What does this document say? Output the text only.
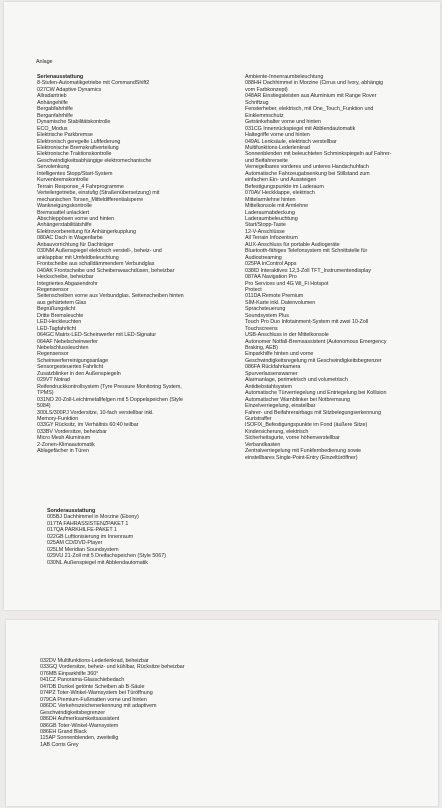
Anlage
Serienausstattung
8-Stufen-Automatikgetriebe mit CommandShift2
027CW Adaptive Dynamics
Allradantrieb
Anhängehilfe
Bergabfahrhilfe
Berganfahrhilfe
Dynamische Stabilitätskontrolle
ECO_Modus
Elektrische Parkbremse
Elektronisch geregelte Luftfederung
Elektronische Bremskraftverteilung
Elektronische Traktionskontrolle
Geschwindigkeitsabhängige elektromechanische
Servolenkung
Intelligentes Stopp/Start-System
Kurvenbremskontrolle
Terrain Response_4 Fahrprogramme
Verteilergetriebe, einstufig (Straßenübersetzung) mit
mechanischen Torsen_Mitteldifferentialsperre
Wankneigungskontrolle
Bremssattel unlackiert
Abschleppösen vorne und hinten
Anhängerstabilitätshilfe
Elektrovorbereitung für Anhängerkupplung
080AC Dach in Wagenfarbe
Anbauvorrichtung für Dachträger
030NM Außenspiegel elektrisch verstell-, beheiz- und
anklappbar mit Umfeldbeleuchtung
Frontscheibe aus schalldämmendem Verbundglas
040AK Frontscheibe und Scheibenwaschdüsen, beheizbar
Heckscheibe, beheizbar
Integriertes Abgasendrohr
Regensensor
Seitenscheiben vorne aus Verbundglas. Seitenscheiben hinten
aus gehärtetem Glas
Begrüßungslicht
Dritte Bremsleuchte
LED-Heckleuchten
LED-Tagfahrlicht
064GC Matrix-LED-Scheinwerfer mit LED-Signatur
064AF Nebelscheinwerfer
Nebelschlussleuchten
Regensensor
Scheinwerferreinigungsanlage
Sensorgesteuertes Fahrlicht
Zusatzblinker in den Außenspiegeln
029VT Notrad
Reifendruckkontrollsystem (Tyre Pressure Monitoring System,
TPMS)
031NO 20-Zoll-Leichtmetallfelgen mit 5 Doppelspeichen (Style
5084)
300LS/300PJ Vordersitze, 10-fach verstellbar inkl.
Memory-Funktion
033GY Rücksitz, im Verhältnis 60:40 teilbar
033BV Vordersitze, beheizbar
Micro Mesh Aluminium
2-Zonen-Klimaautomatik
Ablagefächer in Türen
Ambiente-Innenraumbeleuchtung
088HH Dachhimmel in Morzine (Cirrus und Ivory, abhängig
vom Farbkonzept)
048AR Einstiegsleisten aus Aluminium mit Range Rover
Schriftzug
Fensterheber, elektrisch, mit One_Touch_Funktion und
Einklemmschutz
Getränkehalter vorne und hinten
031CG Innenrückspiegel mit Abblendautomatik
Haltegriffe vorne und hinten
049AL Lenksäule, elektrisch verstellbar
Multifunktions-Lederlenkrad
Sonnenblenden mit beleuchteten Schminkspiegeln auf Fahrer-
und Beifahrerseite
Vernegelbares vorderes und unteres Handschuhfach
Automatische Fahrzeugabsenkung bei Stillstand zum
einfachen Ein- und Aussteigen
Befestigungspunkte im Laderaum
070AV Heckklappe, elektrisch
Mittelarmlehne hinten
Mittelkonsole mit Armlehne
Laderaumabdeckung
Laderaumbeleuchtung
Start/Stopp-Taste
12-V-Anschlüsse
All Terrain Infozentrum
AUX-Anschluss für portable Audiogeräte
Bluetooth-fähiges Telefonsystem mit Schnittstelle für
Audiostreaming
025PA InControl Apps
038ID Interaktives 12,3-Zoll TFT_Instrumentendisplay
087AA Navigation Pro
Pro Services und 4G Wi_Fi Hotspot
Protect
011DA Remote Premium
SIM-Karte inkl. Datenvolumen
Sprachsteuerung
Soundsystem Plus
Touch Pro Duo Infotainment-System mit zwei 10-Zoll
Touchscreens
USB-Anschluss in der Mittelkonsole
Autonomer Notfall-Bremsassistent (Autonomous Emergency
Braking, AEB)
Einparkhilfe hinten und vorne
Geschwindigkeitsregelung mit Geschwindigkeitsbegrenzer
086FA Rückfahrkamera
Spurverlassenswarner
Alarmanlage, perimetrisch und volumetrisch
Antidiebstahlsystem
Automatische Türverriegelung und Entriegelung bei Kollision
Automatischer Warnblinker bei Notbremsung
Einzelverriegelung, einstellbar
Fahrer- und Beifahrerairbags mit Sitzbelegungserkennung
Gurtstraffer
ISOFIX_Befestigungspunkte im Fond (äußere Sitze)
Kindersicherung, elektrisch
Sicherheitsgurte, vorne höhenverstellbar
Verbandkasten
Zentralverriegelung mit Funkfernbedienung sowie
einstellbares Single-Point-Entry (Einzeltüröffner)
Sonderausstattung
005BJ Dachhimmel in Morzine (Ebony)
017TA FAHRASSISTENZPAKET 1
017QA PARKHILFE-PAKET 1
022GB Luftionisierung im Innenraum
025AM CD/DVD-Player
025LM Meridian Soundsystem
029VU 21-Zoll mit 5 Dreifachspeichen (Style 5067)
030NL Außenspiegel mit Abblendautomatik
032DV Multifunktions-Lederlenkrad, beheizbar
033GQ Vordersitze, beheiz- und kühlbar, Rücksitze beheizbar
076MB Einparkhilfe 360°
041CZ Panorama-Glasschiebedach
047DB Dunkel getönte Scheiben ab B-Säule
074PZ Toter-Winkel-Warnsystem bei Türöffnung
079CA Premium-Fußmatten vorne und hinten
086DC Verkehrszeichenerkennung mit adaptivem
Geschwindigkeitsbegrenzer
086DH Aufmerksamkeitsassistent
086GB Toter-Winkel-Warnsystem
086EH Grand Black
115AP Sonnenblenden, zweiteilig
1AB Corris Grey
